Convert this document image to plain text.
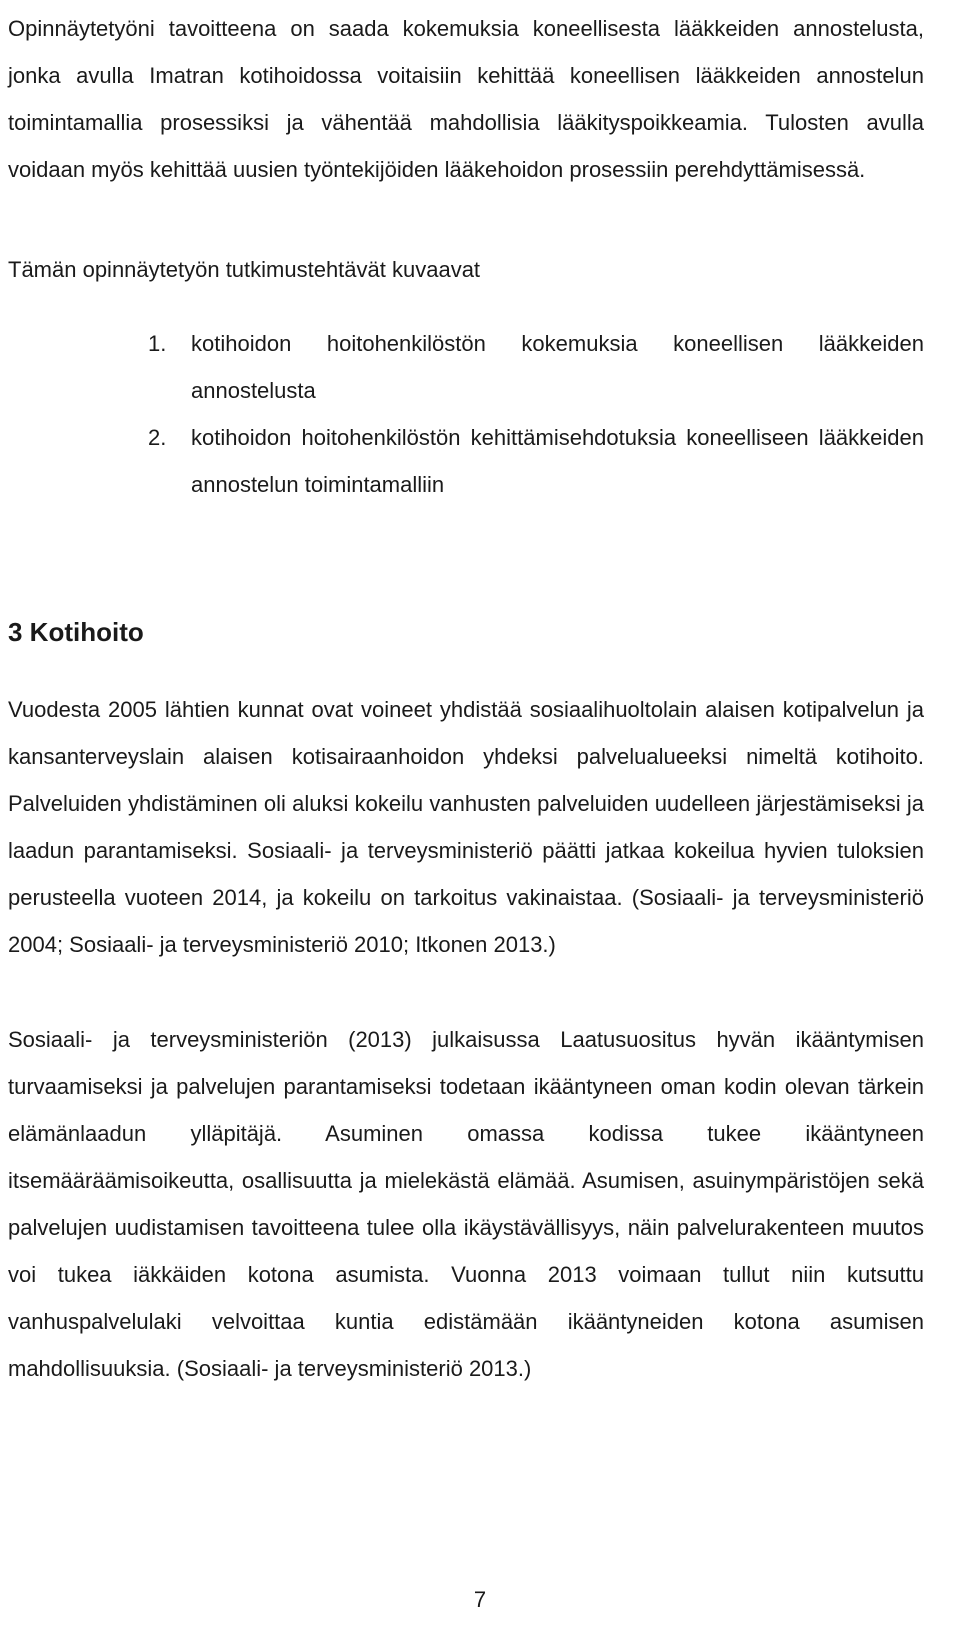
Opinnäytetyöni tavoitteena on saada kokemuksia koneellisesta lääkkeiden annostelusta, jonka avulla Imatran kotihoidossa voitaisiin kehittää koneellisen lääkkeiden annostelun toimintamallia prosessiksi ja vähentää mahdollisia lääkityspoikkeamia. Tulosten avulla voidaan myös kehittää uusien työntekijöiden lääkehoidon prosessiin perehdyttämisessä.

Tämän opinnäytetyön tutkimustehtävät kuvaavat

1. kotihoidon hoitohenkilöstön kokemuksia koneellisen lääkkeiden annostelusta
2. kotihoidon hoitohenkilöstön kehittämisehdotuksia koneelliseen lääkkeiden annostelun toimintamalliin
3 Kotihoito

Vuodesta 2005 lähtien kunnat ovat voineet yhdistää sosiaalihuoltolain alaisen kotipalvelun ja kansanterveyslain alaisen kotisairaanhoidon yhdeksi palvelualueeksi nimeltä kotihoito. Palveluiden yhdistäminen oli aluksi kokeilu vanhusten palveluiden uudelleen järjestämiseksi ja laadun parantamiseksi. Sosiaali- ja terveysministeriö päätti jatkaa kokeilua hyvien tuloksien perusteella vuoteen 2014, ja kokeilu on tarkoitus vakinaistaa. (Sosiaali- ja terveysministeriö 2004; Sosiaali- ja terveysministeriö 2010; Itkonen 2013.)

Sosiaali- ja terveysministeriön (2013) julkaisussa Laatusuositus hyvän ikääntymisen turvaamiseksi ja palvelujen parantamiseksi todetaan ikääntyneen oman kodin olevan tärkein elämänlaadun ylläpitäjä. Asuminen omassa kodissa tukee ikääntyneen itsemääräämisoikeutta, osallisuutta ja mielekästä elämää. Asumisen, asuinympäristöjen sekä palvelujen uudistamisen tavoitteena tulee olla ikäystävällisyys, näin palvelurakenteen muutos voi tukea iäkkäiden kotona asumista. Vuonna 2013 voimaan tullut niin kutsuttu vanhuspalvelulaki velvoittaa kuntia edistämään ikääntyneiden kotona asumisen mahdollisuuksia. (Sosiaali- ja terveysministeriö 2013.)

7
